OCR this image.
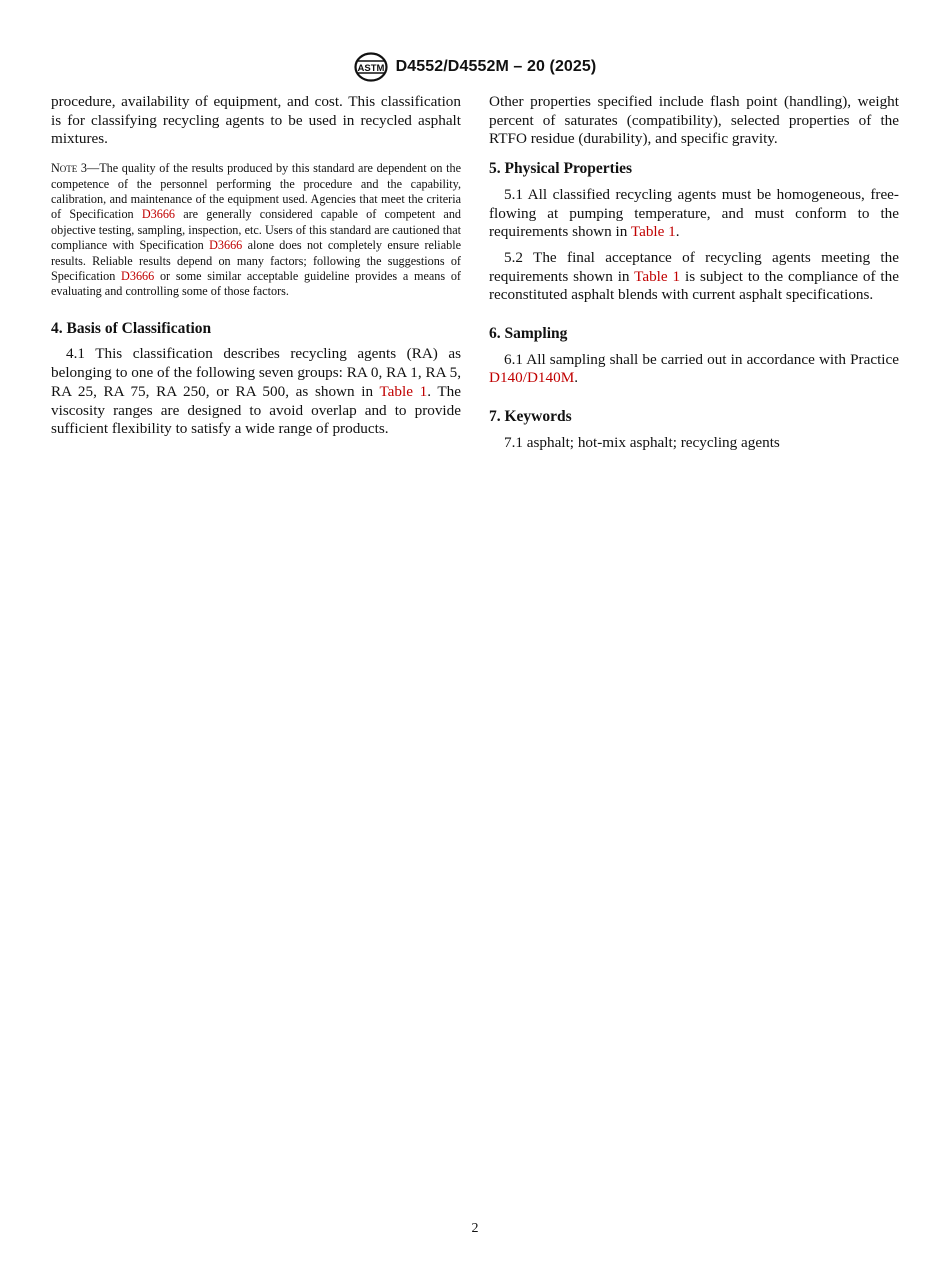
ASTM D4552/D4552M – 20 (2025)

procedure, availability of equipment, and cost. This classification is for classifying recycling agents to be used in recycled asphalt mixtures.

Note 3—The quality of the results produced by this standard are dependent on the competence of the personnel performing the procedure and the capability, calibration, and maintenance of the equipment used. Agencies that meet the criteria of Specification D3666 are generally considered capable of competent and objective testing, sampling, inspection, etc. Users of this standard are cautioned that compliance with Specification D3666 alone does not completely ensure reliable results. Reliable results depend on many factors; following the suggestions of Specification D3666 or some similar acceptable guideline provides a means of evaluating and controlling some of those factors.

4. Basis of Classification

4.1 This classification describes recycling agents (RA) as belonging to one of the following seven groups: RA 0, RA 1, RA 5, RA 25, RA 75, RA 250, or RA 500, as shown in Table 1. The viscosity ranges are designed to avoid overlap and to provide sufficient flexibility to satisfy a wide range of products.

Other properties specified include flash point (handling), weight percent of saturates (compatibility), selected properties of the RTFO residue (durability), and specific gravity.

5. Physical Properties

5.1 All classified recycling agents must be homogeneous, free-flowing at pumping temperature, and must conform to the requirements shown in Table 1.

5.2 The final acceptance of recycling agents meeting the requirements shown in Table 1 is subject to the compliance of the reconstituted asphalt blends with current asphalt specifications.

6. Sampling

6.1 All sampling shall be carried out in accordance with Practice D140/D140M.

7. Keywords

7.1 asphalt; hot-mix asphalt; recycling agents

2
